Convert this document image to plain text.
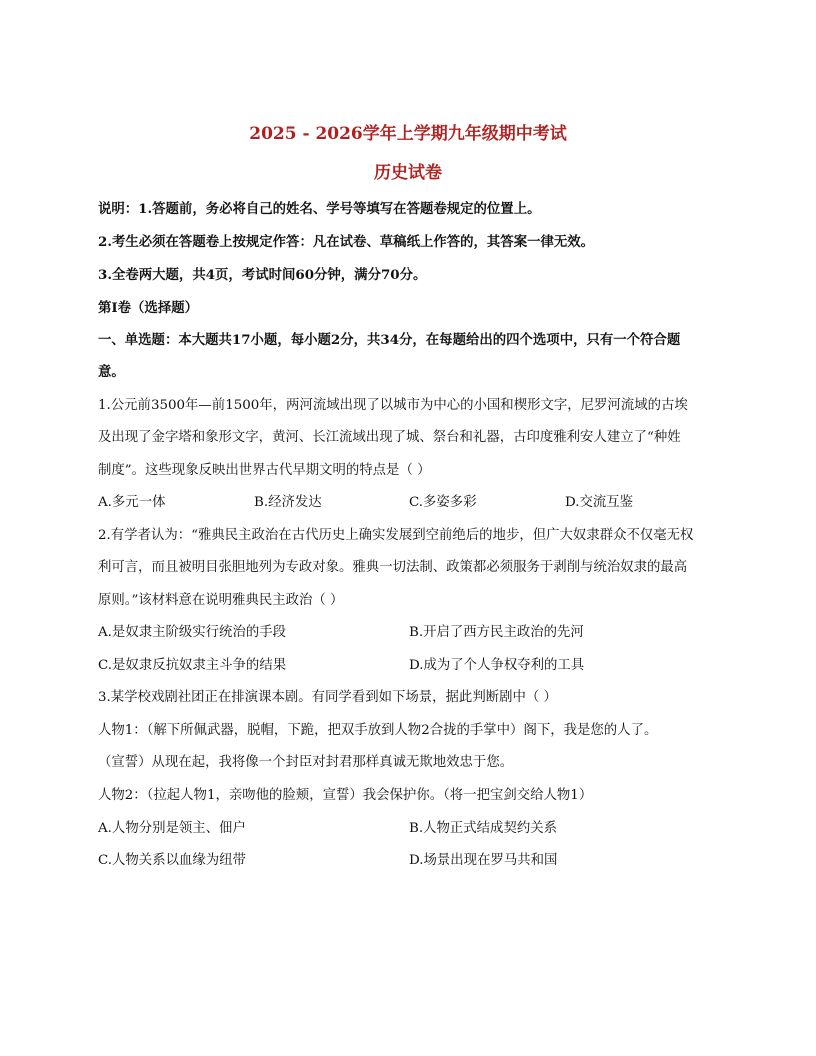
2025 - 2026学年上学期九年级期中考试
历史试卷
说明：1.答题前，务必将自己的姓名、学号等填写在答题卷规定的位置上。
2.考生必须在答题卷上按规定作答：凡在试卷、草稿纸上作答的，其答案一律无效。
3.全卷两大题，共4页，考试时间60分钟，满分70分。
第Ⅰ卷（选择题）
一、单选题：本大题共17小题，每小题2分，共34分，在每题给出的四个选项中，只有一个符合题
意。
1.公元前3500年—前1500年，两河流域出现了以城市为中心的小国和楔形文字，尼罗河流域的古埃
及出现了金字塔和象形文字，黄河、长江流域出现了城、祭台和礼器，古印度雅利安人建立了“种姓
制度”。这些现象反映出世界古代早期文明的特点是（ ）
A.多元一体	B.经济发达	C.多姿多彩	D.交流互鉴
2.有学者认为：“雅典民主政治在古代历史上确实发展到空前绝后的地步，但广大奴隶群众不仅毫无权
利可言，而且被明目张胆地列为专政对象。雅典一切法制、政策都必须服务于剥削与统治奴隶的最高
原则。”该材料意在说明雅典民主政治（ ）
A.是奴隶主阶级实行统治的手段	B.开启了西方民主政治的先河
C.是奴隶反抗奴隶主斗争的结果	D.成为了个人争权夺利的工具
3.某学校戏剧社团正在排演课本剧。有同学看到如下场景，据此判断剧中（ ）
人物1：（解下所佩武器，脱帽，下跪，把双手放到人物2合拢的手掌中）阁下，我是您的人了。
（宣誓）从现在起，我将像一个封臣对封君那样真诚无欺地效忠于您。
人物2：（拉起人物1，亲吻他的脸颊，宣誓）我会保护你。（将一把宝剑交给人物1）
A.人物分别是领主、佃户	B.人物正式结成契约关系
C.人物关系以血缘为纽带	D.场景出现在罗马共和国
